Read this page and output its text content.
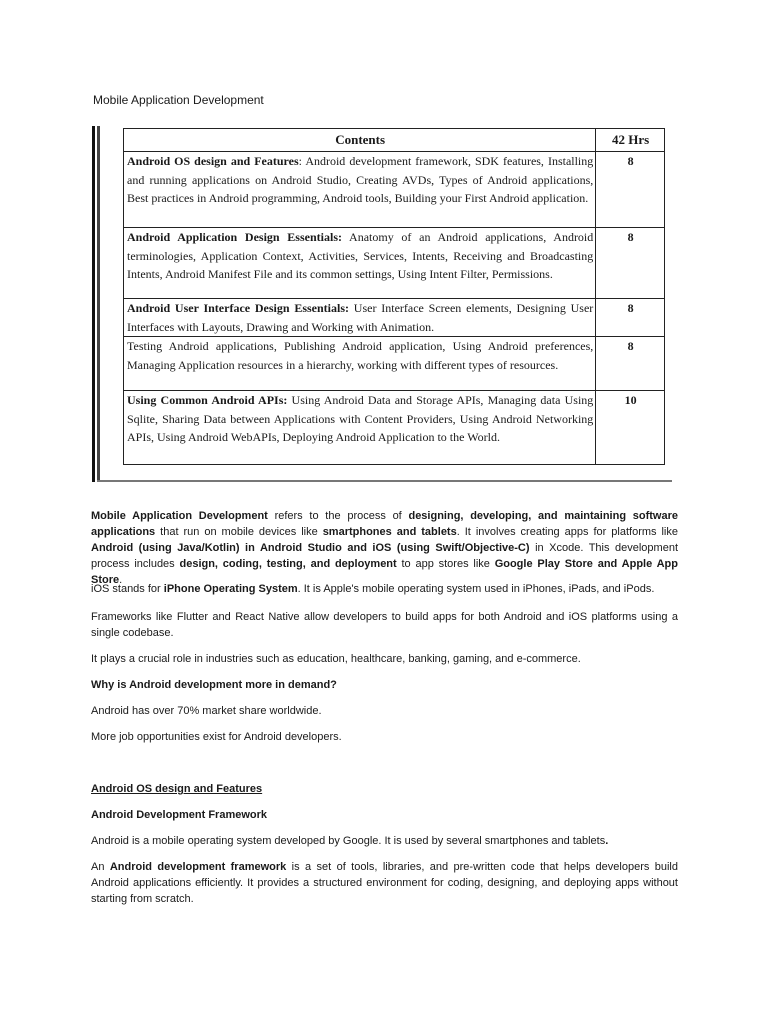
Mobile Application Development
Contents	42 Hrs
Android OS design and Features: Android development framework, SDK features, Installing and running applications on Android Studio, Creating AVDs, Types of Android applications, Best practices in Android programming, Android tools, Building your First Android application.	8
Android Application Design Essentials: Anatomy of an Android applications, Android terminologies, Application Context, Activities, Services, Intents, Receiving and Broadcasting Intents, Android Manifest File and its common settings, Using Intent Filter, Permissions.	8
Android User Interface Design Essentials: User Interface Screen elements, Designing User Interfaces with Layouts, Drawing and Working with Animation.	8
Testing Android applications, Publishing Android application, Using Android preferences, Managing Application resources in a hierarchy, working with different types of resources.	8
Using Common Android APIs: Using Android Data and Storage APIs, Managing data Using Sqlite, Sharing Data between Applications with Content Providers, Using Android Networking APIs, Using Android WebAPIs, Deploying Android Application to the World.	10
Mobile Application Development refers to the process of designing, developing, and maintaining software applications that run on mobile devices like smartphones and tablets. It involves creating apps for platforms like Android (using Java/Kotlin) in Android Studio and iOS (using Swift/Objective-C) in Xcode. This development process includes design, coding, testing, and deployment to app stores like Google Play Store and Apple App Store.
iOS stands for iPhone Operating System. It is Apple's mobile operating system used in iPhones, iPads, and iPods.
Frameworks like Flutter and React Native allow developers to build apps for both Android and iOS platforms using a single codebase.
It plays a crucial role in industries such as education, healthcare, banking, gaming, and e-commerce.
Why is Android development more in demand?
Android has over 70% market share worldwide.
More job opportunities exist for Android developers.
Android OS design and Features
Android Development Framework
Android is a mobile operating system developed by Google. It is used by several smartphones and tablets.
An Android development framework is a set of tools, libraries, and pre-written code that helps developers build Android applications efficiently. It provides a structured environment for coding, designing, and deploying apps without starting from scratch.
